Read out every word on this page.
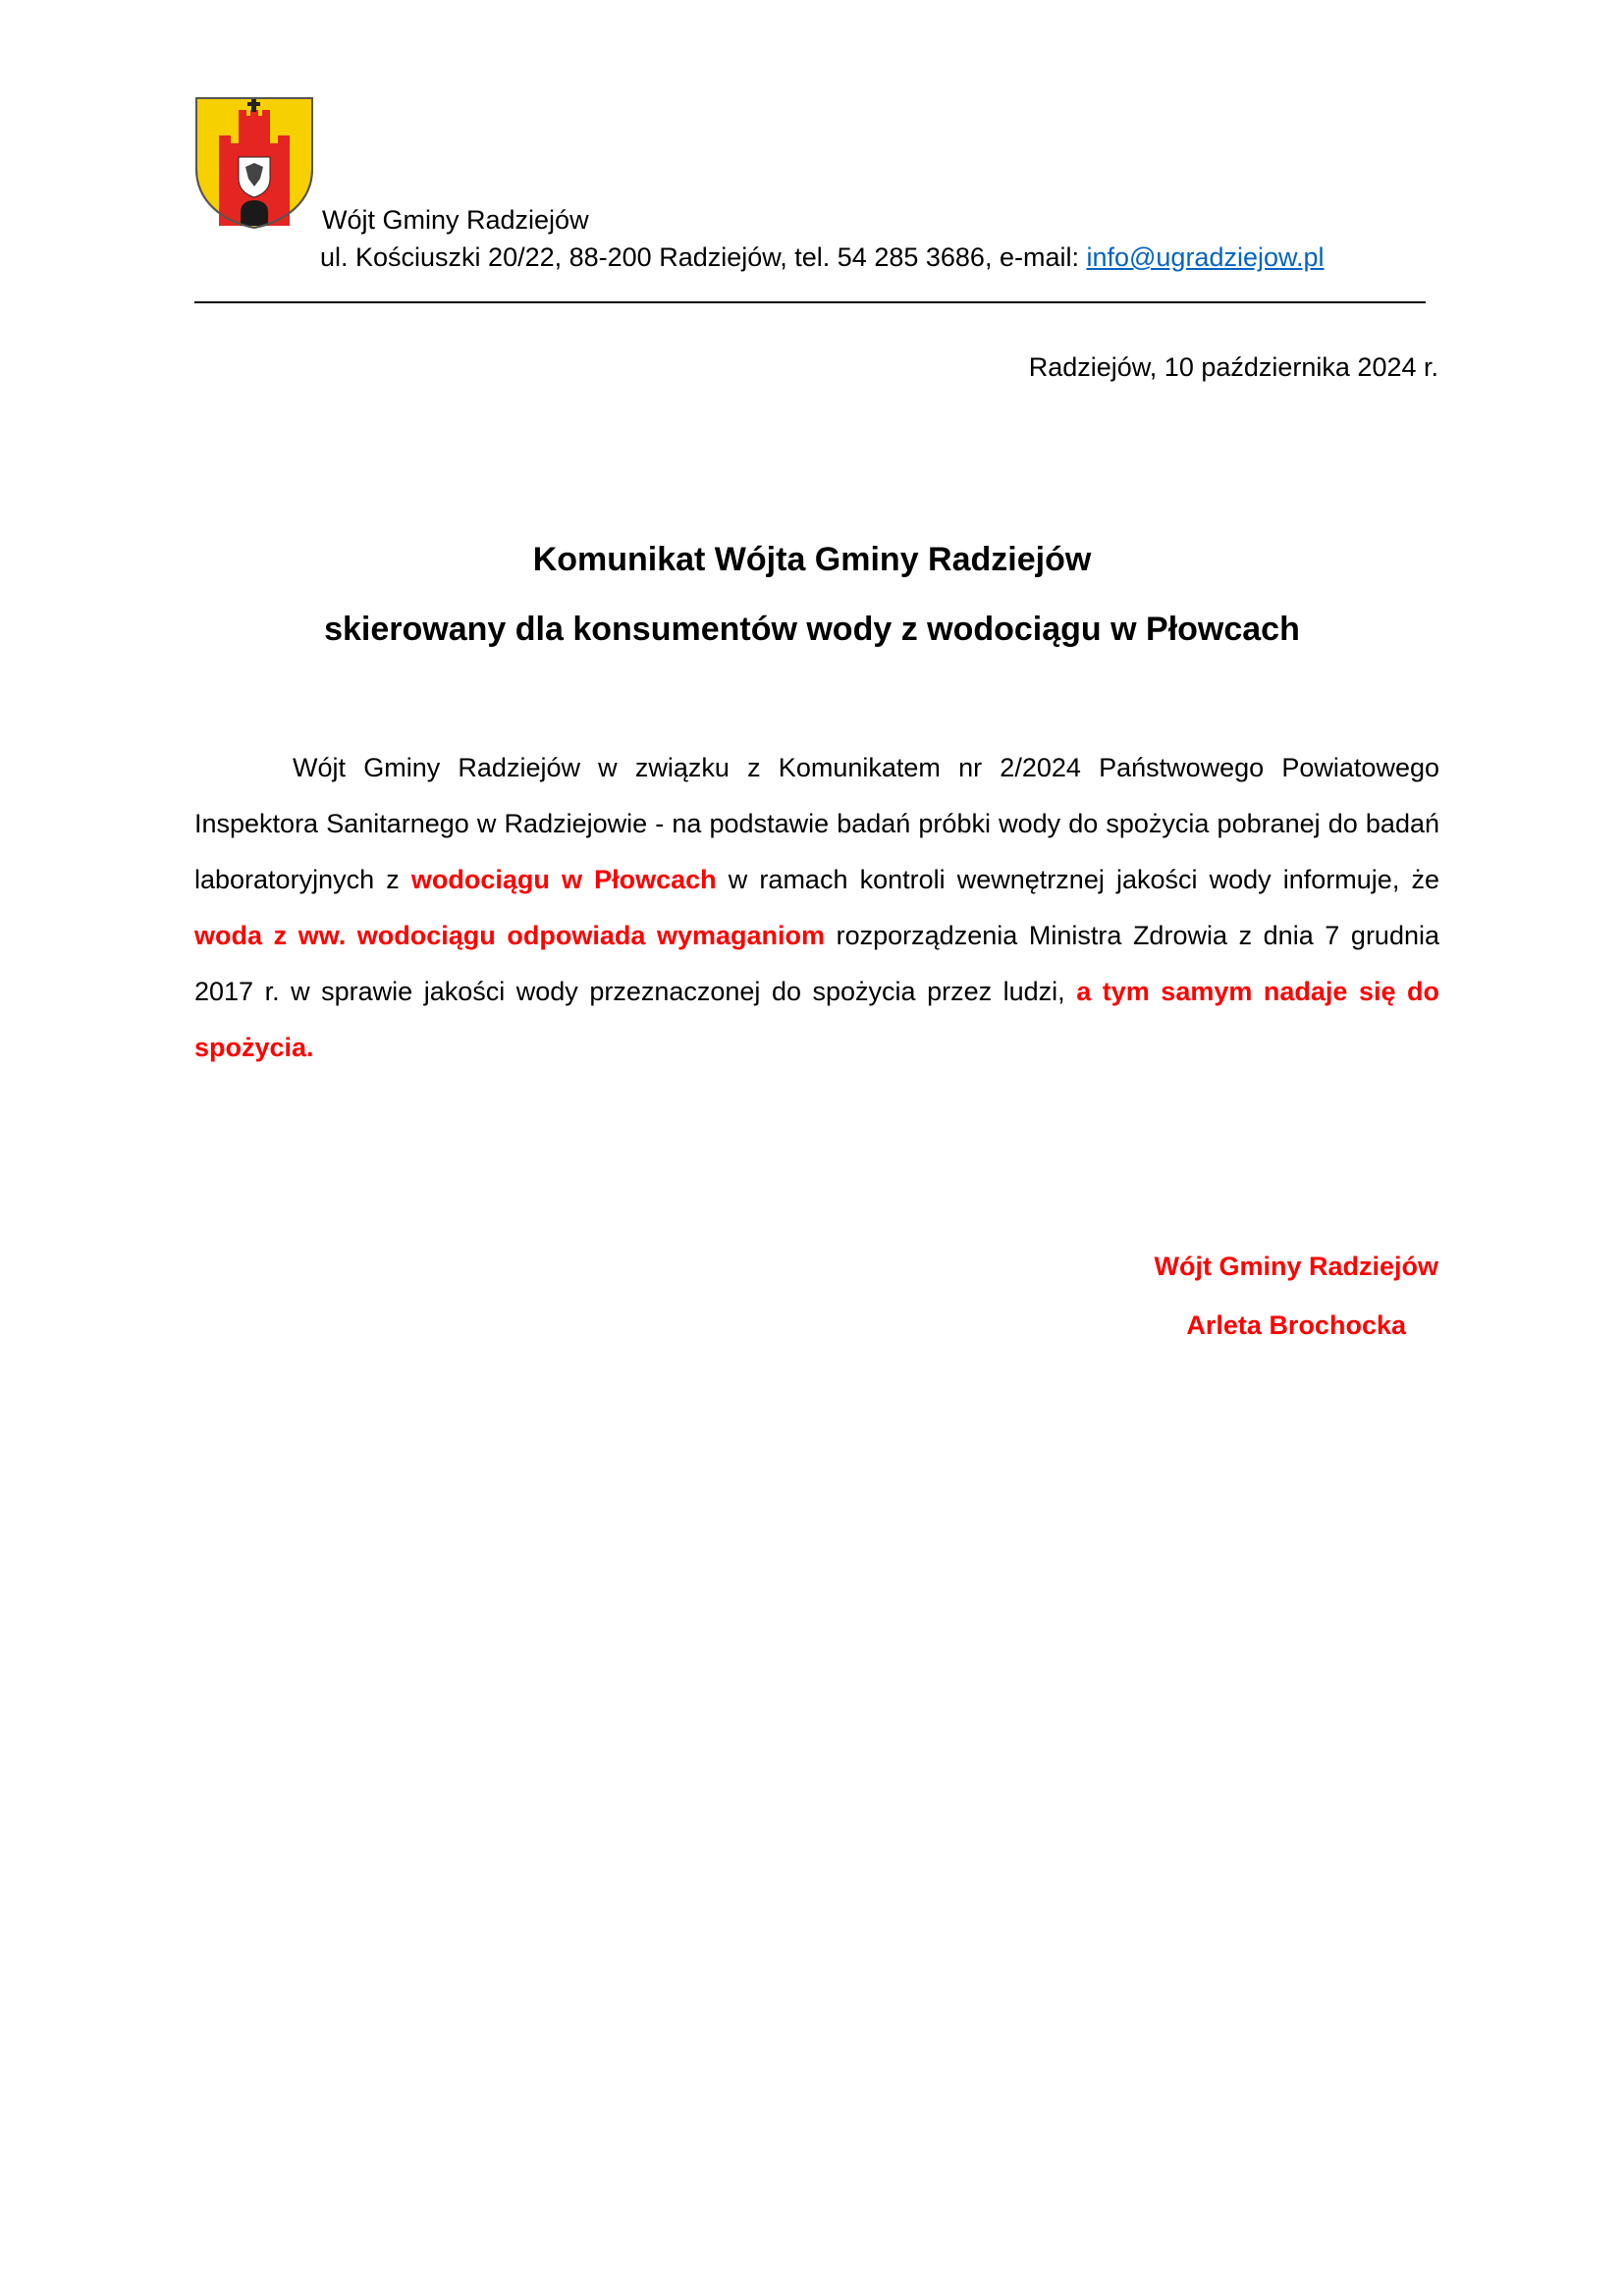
Wójt Gminy Radziejów
ul. Kościuszki 20/22, 88-200 Radziejów, tel. 54 285 3686, e-mail: info@ugradziejow.pl
Radziejów, 10 października 2024 r.
Komunikat Wójta Gminy Radziejów
skierowany dla konsumentów wody z wodociągu w Płowcach
Wójt Gminy Radziejów w związku z Komunikatem nr 2/2024 Państwowego Powiatowego Inspektora Sanitarnego w Radziejowie - na podstawie badań próbki wody do spożycia pobranej do badań laboratoryjnych z wodociągu w Płowcach w ramach kontroli wewnętrznej jakości wody informuje, że woda z ww. wodociągu odpowiada wymaganiom rozporządzenia Ministra Zdrowia z dnia 7 grudnia 2017 r. w sprawie jakości wody przeznaczonej do spożycia przez ludzi, a tym samym nadaje się do spożycia.
Wójt Gminy Radziejów
Arleta Brochocka
